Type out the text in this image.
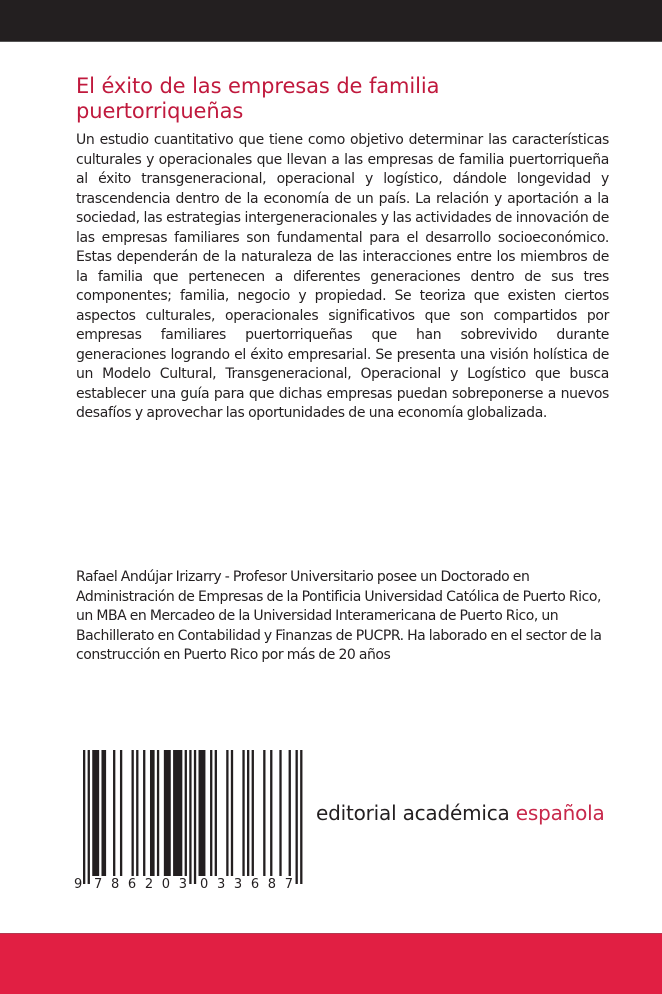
El éxito de las empresas de familia puertorriqueñas

Un estudio cuantitativo que tiene como objetivo determinar las características culturales y operacionales que llevan a las empresas de familia puertorriqueña al éxito transgeneracional, operacional y logístico, dándole longevidad y trascendencia dentro de la economía de un país. La relación y aportación a la sociedad, las estrategias intergeneracionales y las actividades de innovación de las empresas familiares son fundamental para el desarrollo socioeconómico. Estas dependerán de la naturaleza de las interacciones entre los miembros de la familia que pertenecen a diferentes generaciones dentro de sus tres componentes; familia, negocio y propiedad. Se teoriza que existen ciertos aspectos culturales, operacionales significativos que son compartidos por empresas familiares puertorriqueñas que han sobrevivido durante generaciones logrando el éxito empresarial. Se presenta una visión holística de un Modelo Cultural, Transgeneracional, Operacional y Logístico que busca establecer una guía para que dichas empresas puedan sobreponerse a nuevos desafíos y aprovechar las oportunidades de una economía globalizada.

Rafael Andújar Irizarry - Profesor Universitario posee un Doctorado en Administración de Empresas de la Pontificia Universidad Católica de Puerto Rico, un MBA en Mercadeo de la Universidad Interamericana de Puerto Rico, un Bachillerato en Contabilidad y Finanzas de PUCPR. Ha laborado en el sector de la construcción en Puerto Rico por más de 20 años

9 786203 033687
editorial académica española
